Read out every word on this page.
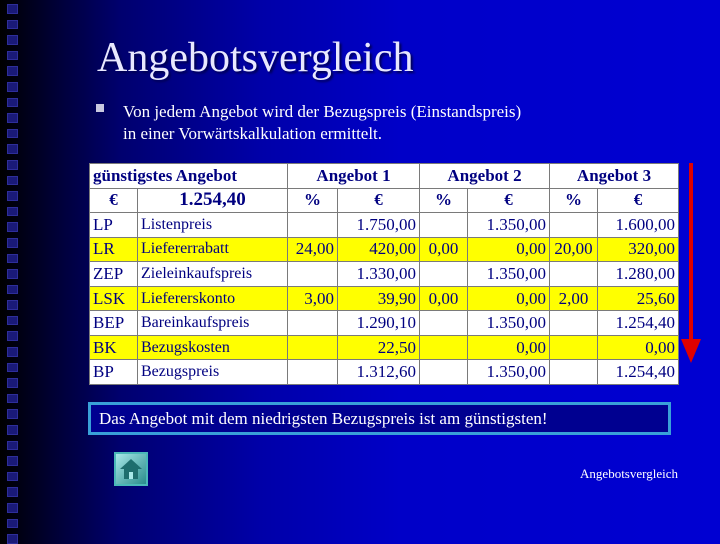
Angebotsvergleich
Von jedem Angebot wird der Bezugspreis (Einstandspreis)
in einer Vorwärtskalkulation ermittelt.
günstigstes Angebot		Angebot 1		Angebot 2		Angebot 3	
€	1.254,40	%	€	%	€	%	€
LP	Listenpreis		1.750,00		1.350,00		1.600,00
LR	Liefererrabatt	24,00	420,00	0,00	0,00	20,00	320,00
ZEP	Zieleinkaufspreis		1.330,00		1.350,00		1.280,00
LSK	Liefererskonto	3,00	39,90	0,00	0,00	2,00	25,60
BEP	Bareinkaufspreis		1.290,10		1.350,00		1.254,40
BK	Bezugskosten		22,50		0,00		0,00
BP	Bezugspreis		1.312,60		1.350,00		1.254,40
Das Angebot mit dem niedrigsten Bezugspreis ist am günstigsten!
Angebotsvergleich
